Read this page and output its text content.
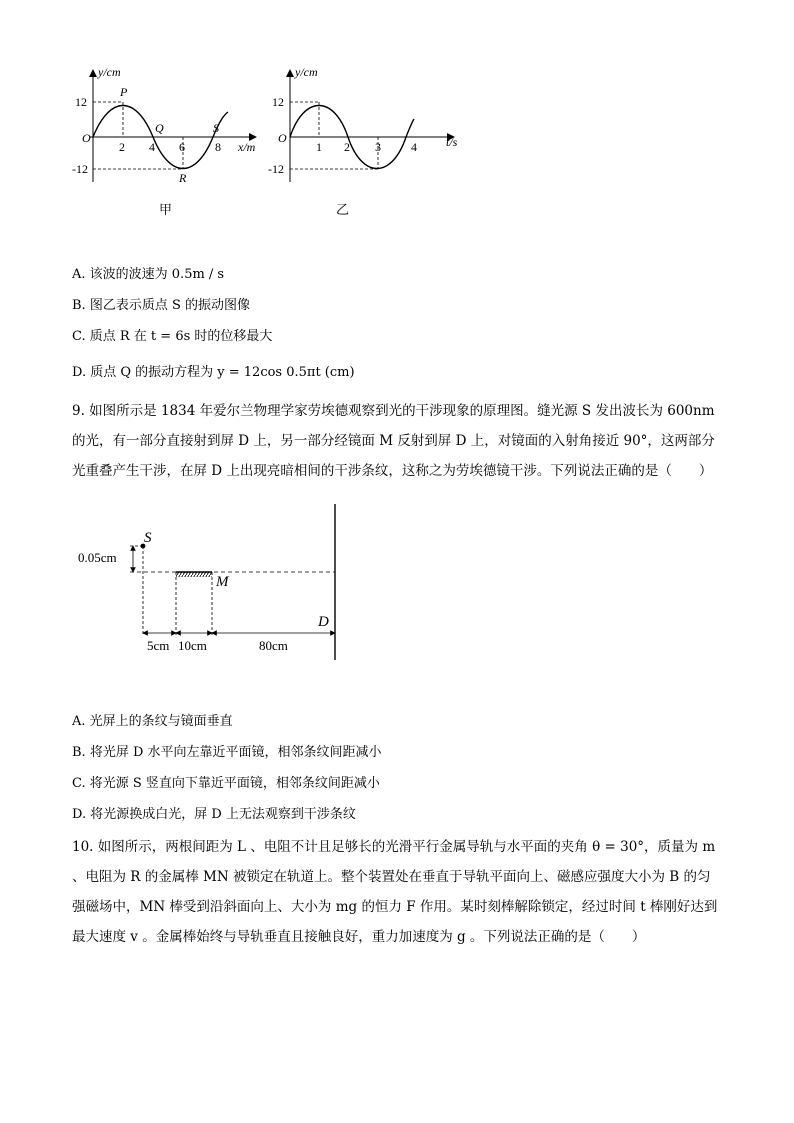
y/cm
12
-12
O
2 4 6	8 x/m
P
Q
R
S
甲
y/cm
12
-12
O
1 2 3	4 t/s
乙
A. 该波的波速为 0.5m / s
B. 图乙表示质点 S 的振动图像
C. 质点 R 在 t = 6s 时的位移最大
D. 质点 Q 的振动方程为 y = 12cos 0.5πt (cm)
9. 如图所示是 1834 年爱尔兰物理学家劳埃德观察到光的干涉现象的原理图。缝光源 S 发出波长为 600nm
的光，有一部分直接射到屏 D 上，另一部分经镜面 M 反射到屏 D 上，对镜面的入射角接近 90°，这两部分
光重叠产生干涉，在屏 D 上出现亮暗相间的干涉条纹，这称之为劳埃德镜干涉。下列说法正确的是（　　）
S
M
D
0.05cm
5cm 10cm	80cm
A. 光屏上的条纹与镜面垂直
B. 将光屏 D 水平向左靠近平面镜，相邻条纹间距减小
C. 将光源 S 竖直向下靠近平面镜，相邻条纹间距减小
D. 将光源换成白光，屏 D 上无法观察到干涉条纹
10. 如图所示，两根间距为 L 、电阻不计且足够长的光滑平行金属导轨与水平面的夹角 θ = 30°，质量为 m
、电阻为 R 的金属棒 MN 被锁定在轨道上。整个装置处在垂直于导轨平面向上、磁感应强度大小为 B 的匀
强磁场中，MN 棒受到沿斜面向上、大小为 mg 的恒力 F 作用。某时刻棒解除锁定，经过时间 t 棒刚好达到
最大速度 v 。金属棒始终与导轨垂直且接触良好，重力加速度为 g 。下列说法正确的是（　　）
